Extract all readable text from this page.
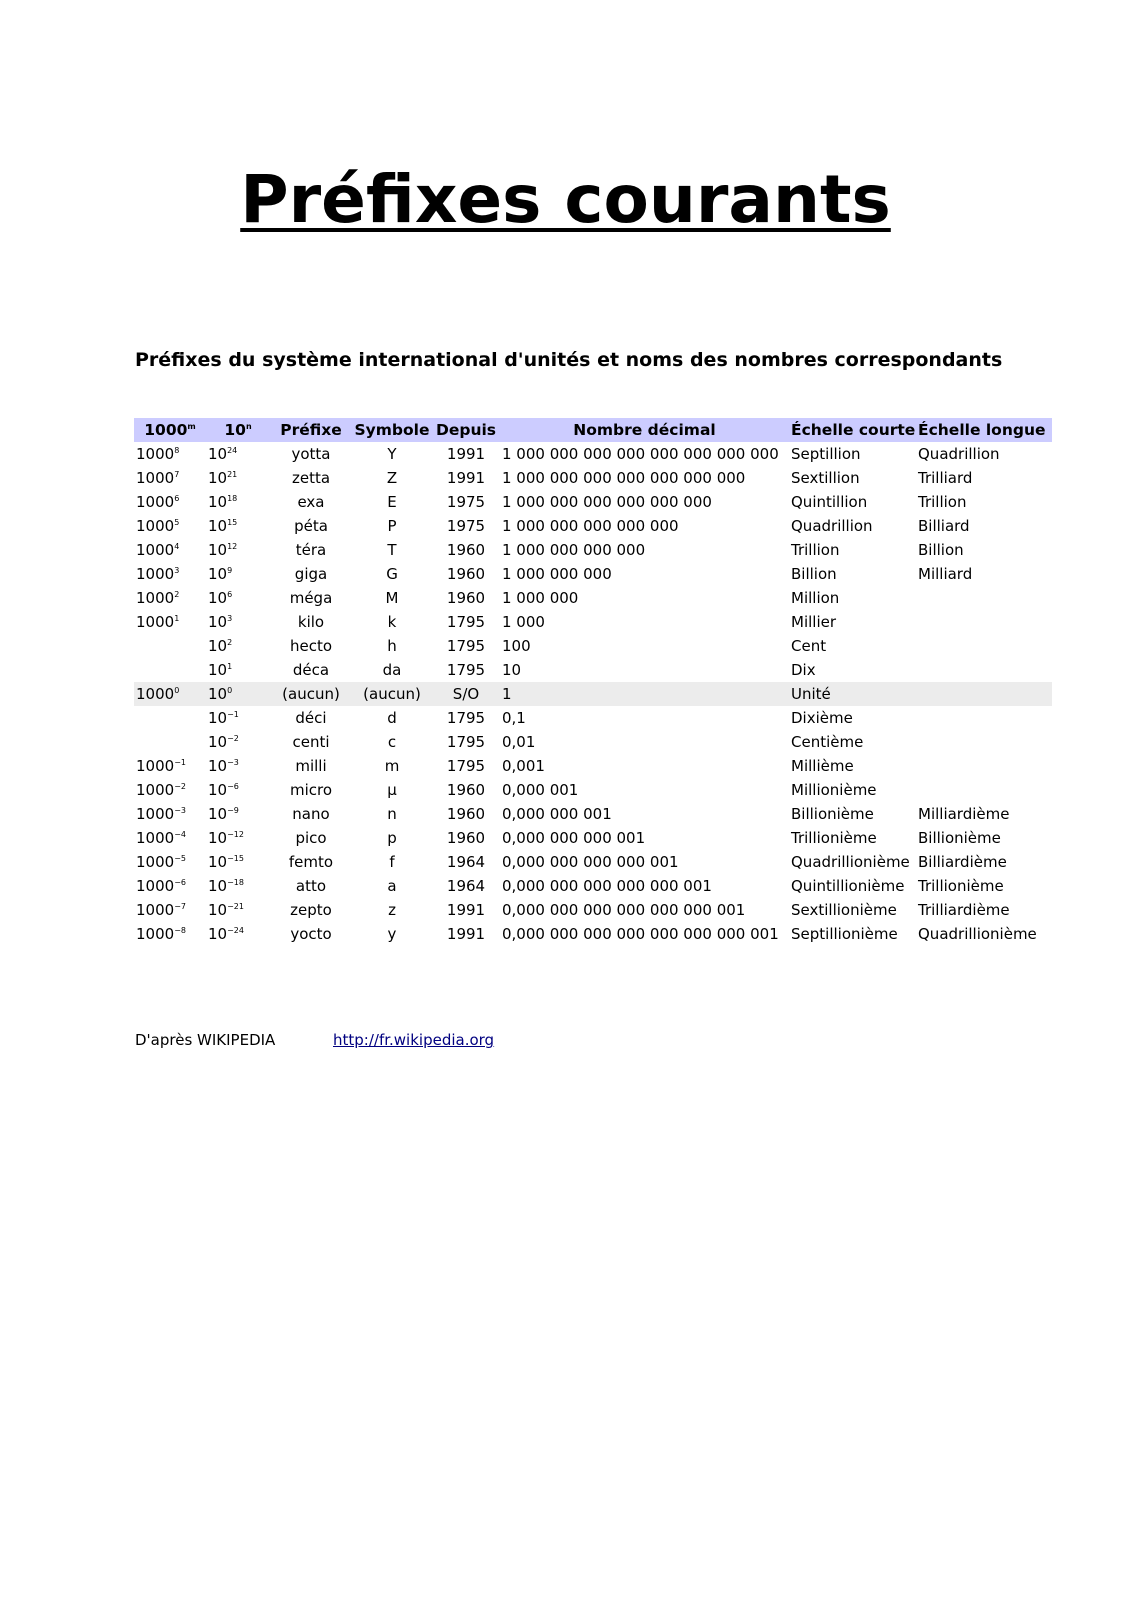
Préfixes courants
Préfixes du système international d'unités et noms des nombres correspondants
1000$^m$	10$^n$	Préfixe	Symbole	Depuis	Nombre décimal	Échelle courte	Échelle longue
1000$^8$	$10^{24}$	yotta	Y	1991	1 000 000 000 000 000 000 000 000	Septillion	Quadrillion
1000$^7$	$10^{21}$	zetta	Z	1991	1 000 000 000 000 000 000 000	Sextillion	Trilliard
1000$^6$	$10^{18}$	exa	E	1975	1 000 000 000 000 000 000	Quintillion	Trillion
1000$^5$	$10^{15}$	péta	P	1975	1 000 000 000 000 000	Quadrillion	Billiard
1000$^4$	$10^{12}$	téra	T	1960	1 000 000 000 000	Trillion	Billion
1000$^3$	$10^9$	giga	G	1960	1 000 000 000	Billion	Milliard
1000$^2$	$10^6$	méga	M	1960	1 000 000	Million	
1000$^1$	$10^3$	kilo	k	1795	1 000	Millier	
	$10^2$	hecto	h	1795	100	Cent	
	$10^1$	déca	da	1795	10	Dix	
1000$^0$	$10^0$	(aucun)	(aucun)	S/O	1	Unité	
	$10^{-1}$	déci	d	1795	0,1	Dixième	
	$10^{-2}$	centi	c	1795	0,01	Centième	
$1000^{-1}$	$10^{-3}$	milli	m	1795	0,001	Millième	
$1000^{-2}$	$10^{-6}$	micro	µ	1960	0,000 001	Millionième	
$1000^{-3}$	$10^{-9}$	nano	n	1960	0,000 000 001	Billionième	Milliardième
$1000^{-4}$	$10^{-12}$	pico	p	1960	0,000 000 000 001	Trillionième	Billionième
$1000^{-5}$	$10^{-15}$	femto	f	1964	0,000 000 000 000 001	Quadrillionième	Billiardième
$1000^{-6}$	$10^{-18}$	atto	a	1964	0,000 000 000 000 000 001	Quintillionième	Trillionième
$1000^{-7}$	$10^{-21}$	zepto	z	1991	0,000 000 000 000 000 000 001	Sextillionième	Trilliardième
$1000^{-8}$	$10^{-24}$	yocto	y	1991	0,000 000 000 000 000 000 000 001	Septillionième	Quadrillionième
D'après WIKIPEDIA	http://fr.wikipedia.org
